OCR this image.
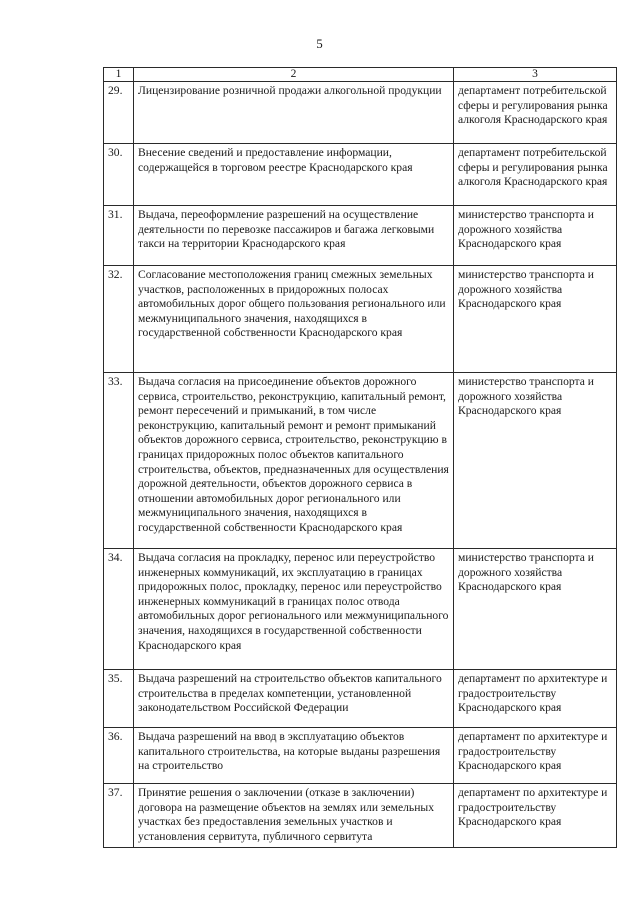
5
1	2	3
29.	Лицензирование розничной продажи алкогольной продукции	департамент потребительской сферы и регулирования рынка алкоголя Краснодарского края
30.	Внесение сведений и предоставление информации, содержащейся в торговом реестре Краснодарского края	департамент потребительской сферы и регулирования рынка алкоголя Краснодарского края
31.	Выдача, переоформление разрешений на осуществление деятельности по перевозке пассажиров и багажа легковыми такси на территории Краснодарского края	министерство транспорта и дорожного хозяйства Краснодарского края
32.	Согласование местоположения границ смежных земельных участков, расположенных в придорожных полосах автомобильных дорог общего пользования регионального или межмуниципального значения, находящихся в государственной собственности Краснодарского края	министерство транспорта и дорожного хозяйства Краснодарского края
33.	Выдача согласия на присоединение объектов дорожного сервиса, строительство, реконструкцию, капитальный ремонт, ремонт пересечений и примыканий, в том числе реконструкцию, капитальный ремонт и ремонт примыканий объектов дорожного сервиса, строительство, реконструкцию в границах придорожных полос объектов капитального строительства, объектов, предназначенных для осуществления дорожной деятельности, объектов дорожного сервиса в отношении автомобильных дорог регионального или межмуниципального значения, находящихся в государственной собственности Краснодарского края	министерство транспорта и дорожного хозяйства Краснодарского края
34.	Выдача согласия на прокладку, перенос или переустройство инженерных коммуникаций, их эксплуатацию в границах придорожных полос, прокладку, перенос или переустройство инженерных коммуникаций в границах полос отвода автомобильных дорог регионального или межмуниципального значения, находящихся в государственной собственности Краснодарского края	министерство транспорта и дорожного хозяйства Краснодарского края
35.	Выдача разрешений на строительство объектов капитального строительства в пределах компетенции, установленной законодательством Российской Федерации	департамент по архитектуре и градостроительству Краснодарского края
36.	Выдача разрешений на ввод в эксплуатацию объектов капитального строительства, на которые выданы разрешения на строительство	департамент по архитектуре и градостроительству Краснодарского края
37.	Принятие решения о заключении (отказе в заключении) договора на размещение объектов на землях или земельных участках без предоставления земельных участков и установления сервитута, публичного сервитута	департамент по архитектуре и градостроительству Краснодарского края
